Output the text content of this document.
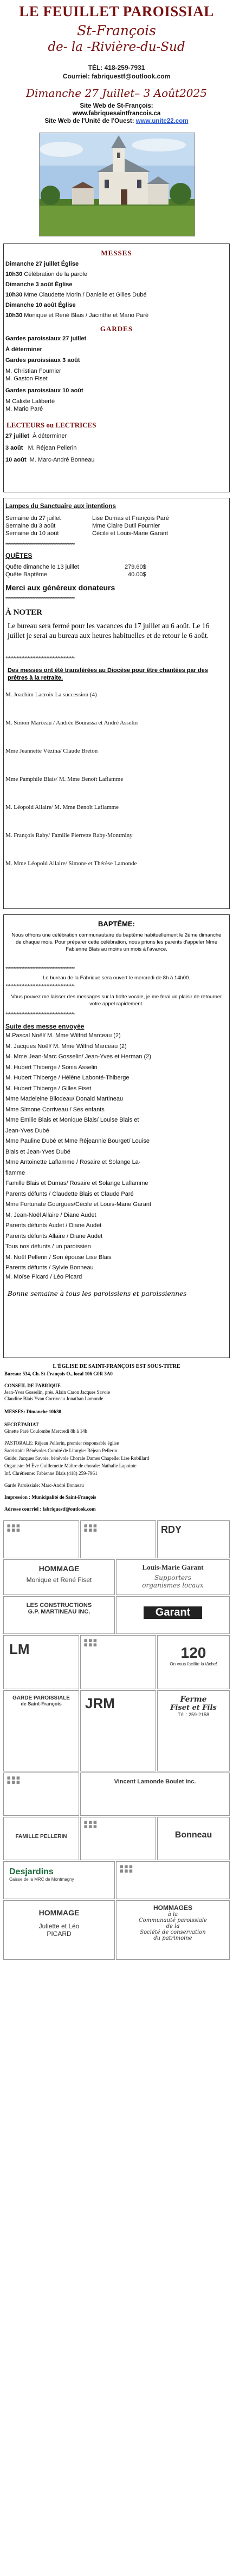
LE FEUILLET PAROISSIAL
St-François
de- la -Rivière-du-Sud
TÉL: 418-259-7931
Courriel: fabriquestf@outlook.com
Dimanche 27 Juillet– 3 Août2025
Site Web de St-François:
www.fabriquesaintfrancois.ca
Site Web de l'Unité de l'Ouest: www.unite22.com
MESSES
Dimanche 27 juillet Église
10h30 Célébration de la parole
Dimanche 3 août Église
10h30 Mme Claudette Morin / Danielle et Gilles Dubé
Dimanche 10 août Église
10h30 Monique et René Blais / Jacinthe et Mario Paré
GARDES
Gardes paroissiaux 27 juillet
À déterminer
Gardes paroissiaux 3 août
M. Christian Fournier
M. Gaston Fiset
Gardes paroissiaux 10 août
M Calixte Laliberté
M. Mario Paré
LECTEURS ou LECTRICES
27 juillet À déterminer
3 août M. Réjean Pellerin
10 août M. Marc-André Bonneau
Lampes du Sanctuaire aux intentions
Semaine du 27 juillet	Lise Dumas et François Paré
Semaine du 3 août	Mme Claire Dutil Fournier
Semaine du 10 août	Cécile et Louis-Marie Garant
********************************************
QUÊTES
Quête dimanche le 13 juillet	279.60$
Quête Baptême	40.00$
Merci aux généreux donateurs
********************************************
À NOTER
Le bureau sera fermé pour les vacances du 17 juillet au 6 août. Le 16 juillet je serai au bureau aux heures habituelles et de retour le 6 août.
********************************************
Des messes ont été transférées au Diocèse pour être chantées par des prêtres à la retraite.
M. Joachim Lacroix La succession (4)
M. Simon Marceau / Andrée Bourassa et André Asselin
Mme Jeannette Vézina/ Claude Breton
Mme Pamphile Blais/ M. Mme Benoît Laflamme
M. Léopold Allaire/ M. Mme Benoît Laflamme
M. François Raby/ Famille Pierrette Raby-Montminy
M. Mme Léopold Allaire/ Simone et Thérèse Lamonde
BAPTÊME:
Nous offrons une célébration communautaire du baptême habituellement le 2ème dimanche de chaque mois. Pour préparer cette célébration, nous prions les parents d'appeler Mme Fabienne Blais au moins un mois à l'avance.
********************************************
Le bureau de la Fabrique sera ouvert le mercredi de 8h à 14h00.
********************************************
Vous pouvez me laisser des messages sur la boîte vocale, je me ferai un plaisir de retourner votre appel rapidement.
********************************************
Suite des messe envoyée
M.Pascal Noël/ M. Mme Wilfrid Marceau (2)
M. Jacques Noël/ M. Mme Wilfrid Marceau (2)
M. Mme Jean-Marc Gosselin/ Jean-Yves et Herman (2)
M. Hubert Thiberge / Sonia Asselin
M. Hubert Thiberge / Hélène Labonté-Thiberge
M. Hubert Thiberge / Gilles Fiset
Mme Madeleine Bilodeau/ Donald Martineau
Mme Simone Corriveau / Ses enfants
Mme Emilie Blais et Monique Blais/ Louise Blais et
Jean-Yves Dubé
Mme Pauline Dubé et Mme Réjeannie Bourget/ Louise
Blais et Jean-Yves Dubé
Mme Antoinette Laflamme / Rosaire et Solange La-
flamme
Famille Blais et Dumas/ Rosaire et Solange Laflamme
Parents défunts / Claudette Blais et Claude Paré
Mme Fortunate Gourgues/Cécile et Louis-Marie Garant
M. Jean-Noël Allaire / Diane Audet
Parents défunts Audet / Diane Audet
Parents défunts Allaire / Diane Audet
Tous nos défunts / un paroissien
M. Noël Pellerin / Son épouse Lise Blais
Parents défunts / Sylvie Bonneau
M. Moïse Picard / Léo Picard
Bonne semaine à tous les paroissiens et paroissiennes
L'ÉGLISE DE SAINT-FRANÇOIS EST SOUS-TITRE
Bureau: 534, Ch. St-François O., local 106 G0R 3A0
CONSEIL DE FABRIQUE
Jean-Yves Gosselin, prés. Alain Caron Jacques Savoie
Claudine Blais Yvan Corriveau Jonathan Lamonde
MESSES: Dimanche 10h30
SECRÉTARIAT
Ginette Paré Coulombe Mercredi 8h à 14h
PASTORALE: Réjean Pellerin, premier responsable église
Sacristain: Bénévoles Comité de Liturgie: Réjean Pellerin
Guide: Jacques Savoie, bénévole Chorale Dames Chapelle: Lise Robillard
Organiste: M Ève Guillemette Maître de chorale: Nathalie Lapointe
Inf. Chrétienne: Fabienne Blais (418) 259-7961
Garde Paroissiale: Marc-André Bonneau
Impression : Municipalité de Saint-François
Adresse courriel : fabriquestf@outlook.com
▦ ▦ ▦
▦ ▦ ▦
▦ ▦ ▦
▦ ▦ ▦	RDY
HOMMAGE
Monique et René Fiset
Louis-Marie Garant
Supporters
organismes locaux
LES CONSTRUCTIONS
G.P. MARTINEAU INC.	Garant
LM
▦ ▦ ▦
▦ ▦ ▦	120
On vous facilite la tâche!
GARDE PAROISSIALE
de Saint-François	JRM	Ferme
Fiset et Fils
Tél.: 259-2158
▦ ▦ ▦
▦ ▦ ▦	Vincent Lamonde Boulet inc.
FAMILLE PELLERIN
▦ ▦ ▦
▦ ▦ ▦
Bonneau
Desjardins
Caisse de la MRC de Montmagny
▦ ▦ ▦
▦ ▦ ▦
HOMMAGE
Juliette et Léo
PICARD
HOMMAGES
à la
Communauté paroissiale
de la
Société de conservation
du patrimoine
